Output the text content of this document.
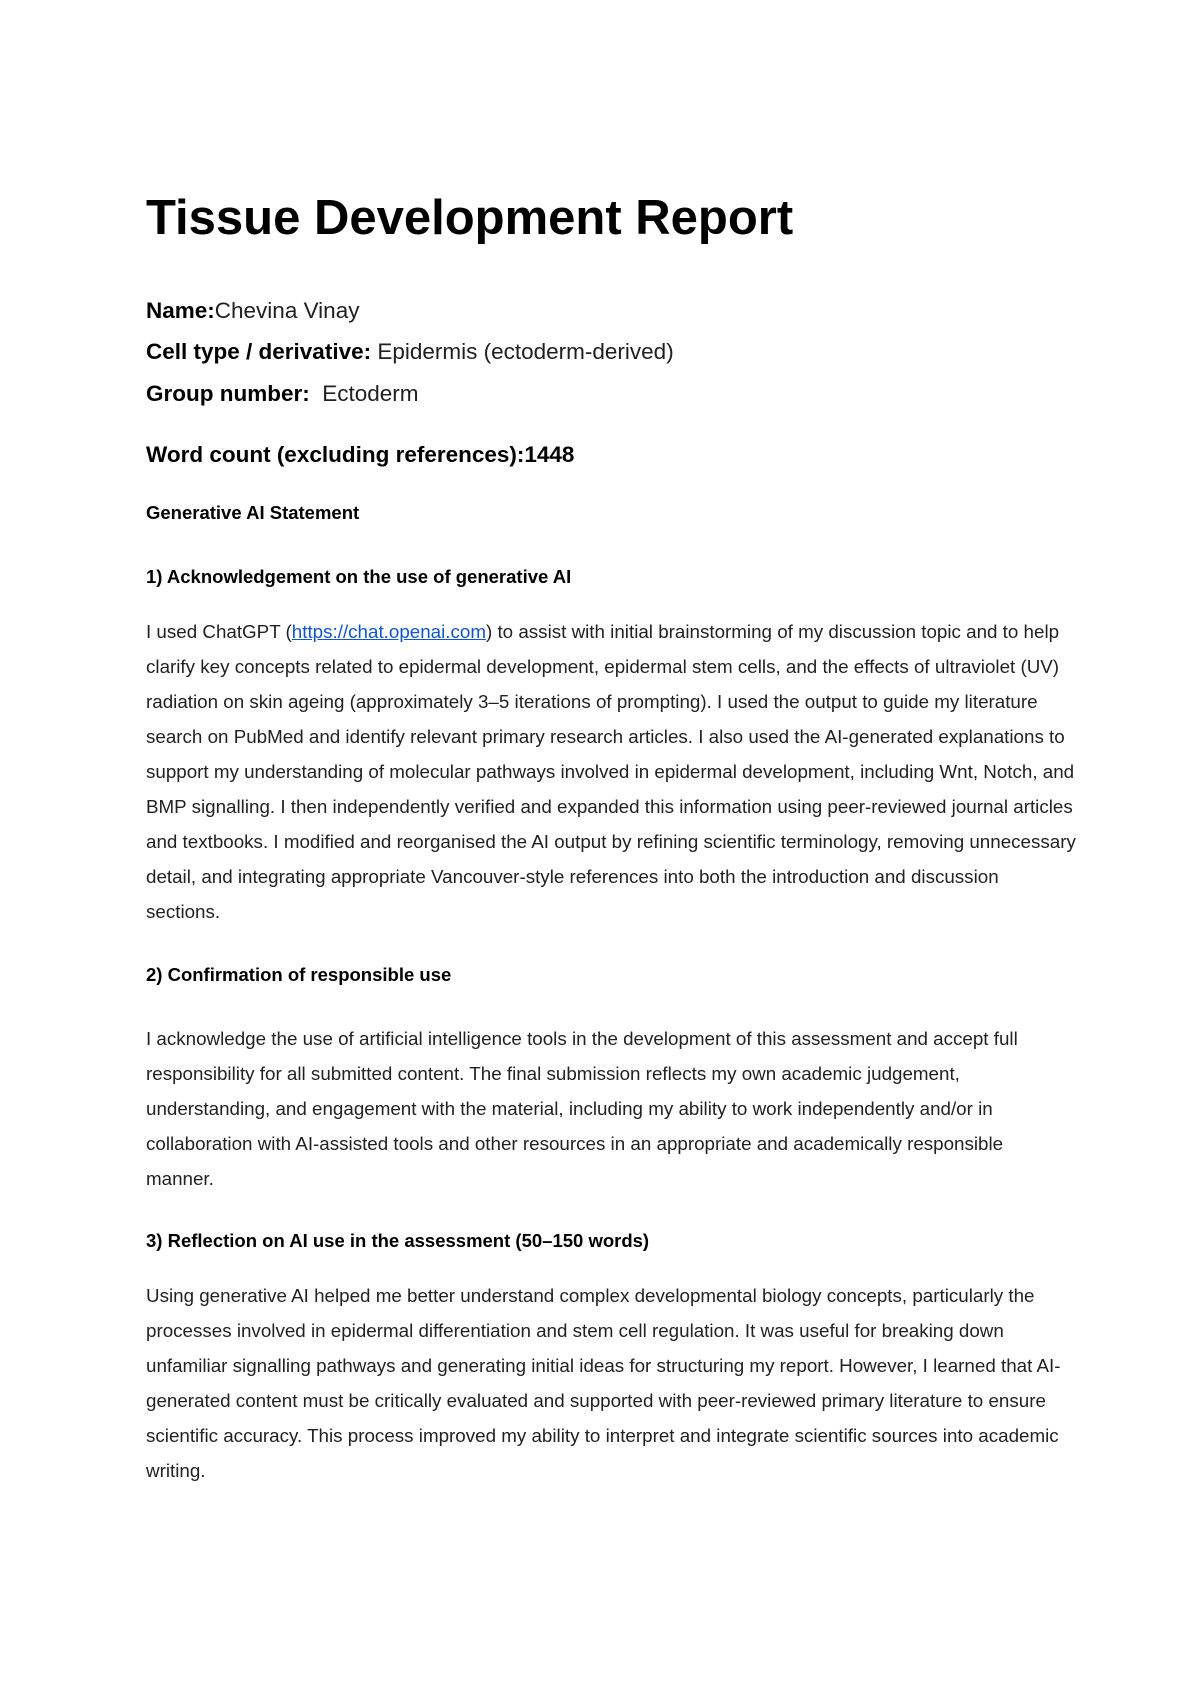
Tissue Development Report

Name:Chevina Vinay

Cell type / derivative: Epidermis (ectoderm-derived)

Group number:  Ectoderm

Word count (excluding references):1448

Generative AI Statement
1) Acknowledgement on the use of generative AI

I used ChatGPT (https://chat.openai.com) to assist with initial brainstorming of my discussion topic and to help clarify key concepts related to epidermal development, epidermal stem cells, and the effects of ultraviolet (UV) radiation on skin ageing (approximately 3–5 iterations of prompting). I used the output to guide my literature search on PubMed and identify relevant primary research articles. I also used the AI-generated explanations to support my understanding of molecular pathways involved in epidermal development, including Wnt, Notch, and BMP signalling. I then independently verified and expanded this information using peer-reviewed journal articles and textbooks. I modified and reorganised the AI output by refining scientific terminology, removing unnecessary detail, and integrating appropriate Vancouver-style references into both the introduction and discussion sections.

2) Confirmation of responsible use

I acknowledge the use of artificial intelligence tools in the development of this assessment and accept full responsibility for all submitted content. The final submission reflects my own academic judgement, understanding, and engagement with the material, including my ability to work independently and/or in collaboration with AI-assisted tools and other resources in an appropriate and academically responsible manner.

3) Reflection on AI use in the assessment (50–150 words)

Using generative AI helped me better understand complex developmental biology concepts, particularly the processes involved in epidermal differentiation and stem cell regulation. It was useful for breaking down unfamiliar signalling pathways and generating initial ideas for structuring my report. However, I learned that AI-generated content must be critically evaluated and supported with peer-reviewed primary literature to ensure scientific accuracy. This process improved my ability to interpret and integrate scientific sources into academic writing.
